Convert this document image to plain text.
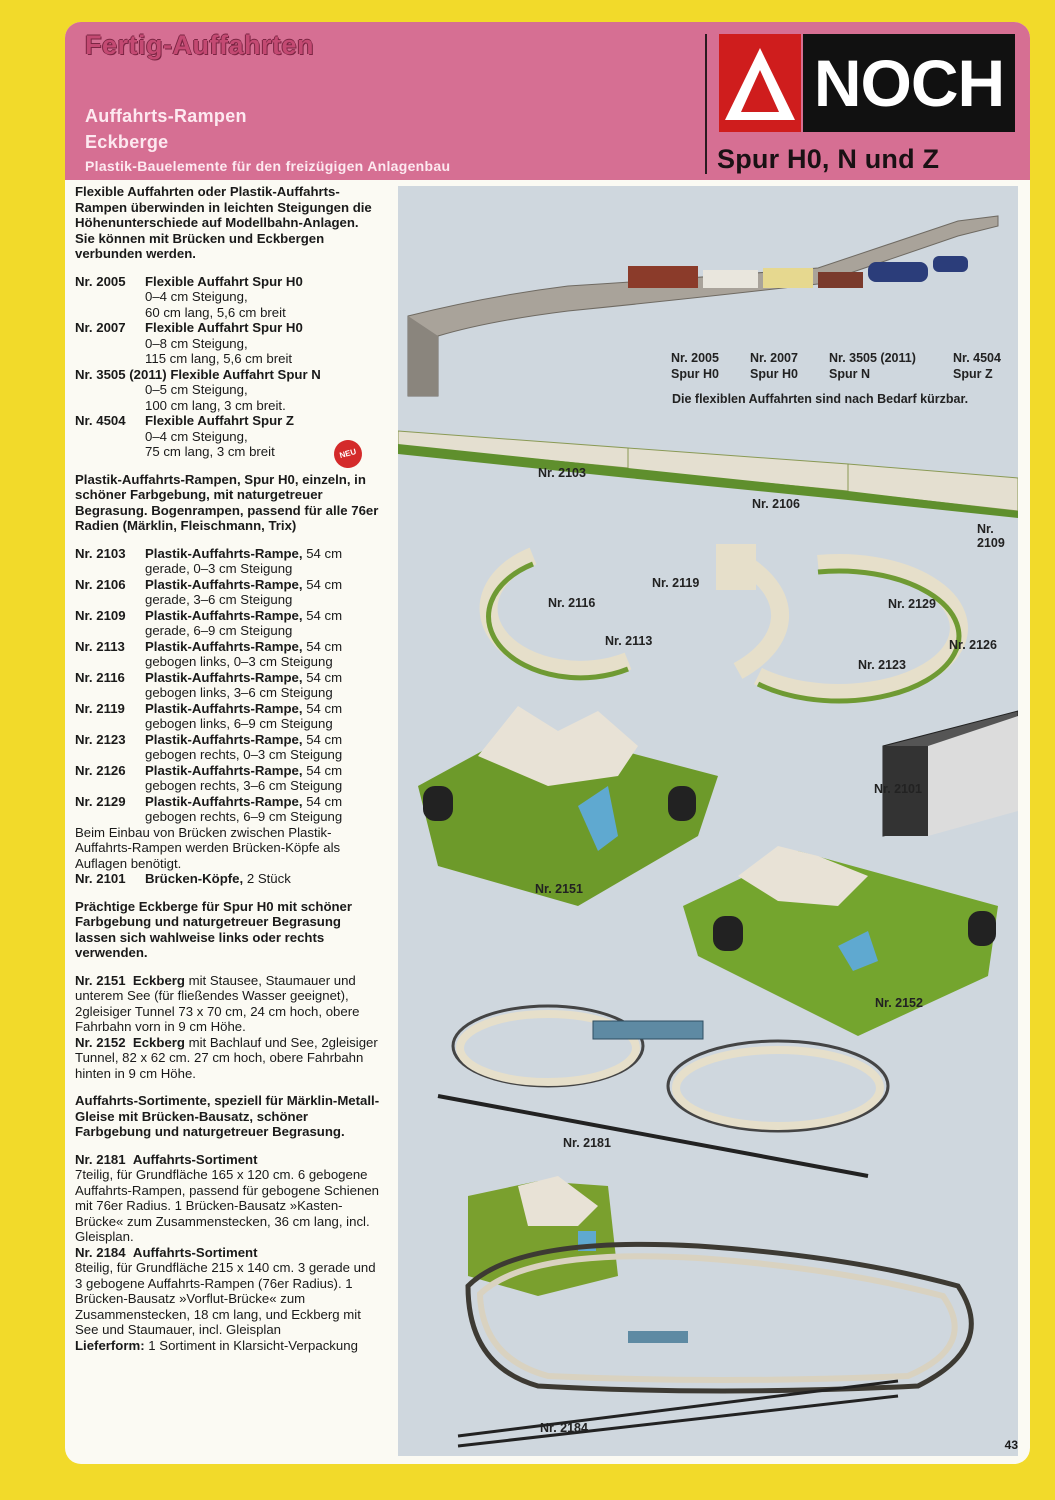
Fertig-Auffahrten
Auffahrts-Rampen
Eckberge
Plastik-Bauelemente für den freizügigen Anlagenbau
NOCH
Spur H0, N und Z
Flexible Auffahrten oder Plastik-Auffahrts-Rampen überwinden in leichten Steigungen die Höhenunterschiede auf Modellbahn-Anlagen. Sie können mit Brücken und Eckbergen verbunden werden.
Nr. 2005 Flexible Auffahrt Spur H0
0–4 cm Steigung,
60 cm lang, 5,6 cm breit
Nr. 2007 Flexible Auffahrt Spur H0
0–8 cm Steigung,
115 cm lang, 5,6 cm breit
Nr. 3505 (2011) Flexible Auffahrt Spur N
0–5 cm Steigung,
100 cm lang, 3 cm breit.
Nr. 4504 Flexible Auffahrt Spur Z
0–4 cm Steigung,
75 cm lang, 3 cm breit	NEU
Plastik-Auffahrts-Rampen, Spur H0, einzeln, in schöner Farbgebung, mit naturgetreuer Begrasung. Bogenrampen, passend für alle 76er Radien (Märklin, Fleischmann, Trix)
Nr. 2103 Plastik-Auffahrts-Rampe, 54 cm
gerade, 0–3 cm Steigung
Nr. 2106 Plastik-Auffahrts-Rampe, 54 cm
gerade, 3–6 cm Steigung
Nr. 2109 Plastik-Auffahrts-Rampe, 54 cm
gerade, 6–9 cm Steigung
Nr. 2113 Plastik-Auffahrts-Rampe, 54 cm
gebogen links, 0–3 cm Steigung
Nr. 2116 Plastik-Auffahrts-Rampe, 54 cm
gebogen links, 3–6 cm Steigung
Nr. 2119 Plastik-Auffahrts-Rampe, 54 cm
gebogen links, 6–9 cm Steigung
Nr. 2123 Plastik-Auffahrts-Rampe, 54 cm
gebogen rechts, 0–3 cm Steigung
Nr. 2126 Plastik-Auffahrts-Rampe, 54 cm
gebogen rechts, 3–6 cm Steigung
Nr. 2129 Plastik-Auffahrts-Rampe, 54 cm
gebogen rechts, 6–9 cm Steigung
Beim Einbau von Brücken zwischen Plastik-Auffahrts-Rampen werden Brücken-Köpfe als Auflagen benötigt.
Nr. 2101 Brücken-Köpfe, 2 Stück
Prächtige Eckberge für Spur H0 mit schöner Farbgebung und naturgetreuer Begrasung lassen sich wahlweise links oder rechts verwenden.
Nr. 2151 Eckberg mit Stausee, Staumauer und unterem See (für fließendes Wasser geeignet), 2gleisiger Tunnel 73 x 70 cm, 24 cm hoch, obere Fahrbahn vorn in 9 cm Höhe.
Nr. 2152 Eckberg mit Bachlauf und See, 2gleisiger Tunnel, 82 x 62 cm. 27 cm hoch, obere Fahrbahn hinten in 9 cm Höhe.
Auffahrts-Sortimente, speziell für Märklin-Metall-Gleise mit Brücken-Bausatz, schöner Farbgebung und naturgetreuer Begrasung.
Nr. 2181 Auffahrts-Sortiment
7teilig, für Grundfläche 165 x 120 cm. 6 gebogene Auffahrts-Rampen, passend für gebogene Schienen mit 76er Radius. 1 Brücken-Bausatz »Kasten-Brücke« zum Zusammenstecken, 36 cm lang, incl. Gleisplan.
Nr. 2184 Auffahrts-Sortiment
8teilig, für Grundfläche 215 x 140 cm. 3 gerade und 3 gebogene Auffahrts-Rampen (76er Radius). 1 Brücken-Bausatz »Vorflut-Brücke« zum Zusammenstecken, 18 cm lang, und Eckberg mit See und Staumauer, incl. Gleisplan
Lieferform: 1 Sortiment in Klarsicht-Verpackung
Nr. 2005
Spur H0
Nr. 2007
Spur H0
Nr. 3505 (2011)
Spur N
Nr. 4504
Spur Z
Die flexiblen Auffahrten sind nach Bedarf kürzbar.
Nr. 2103
Nr. 2106
Nr. 2109
Nr. 2116
Nr. 2119
Nr. 2113
Nr. 2129
Nr. 2126
Nr. 2123
Nr. 2101
Nr. 2151
Nr. 2152
Nr. 2181
Nr. 2184
43
